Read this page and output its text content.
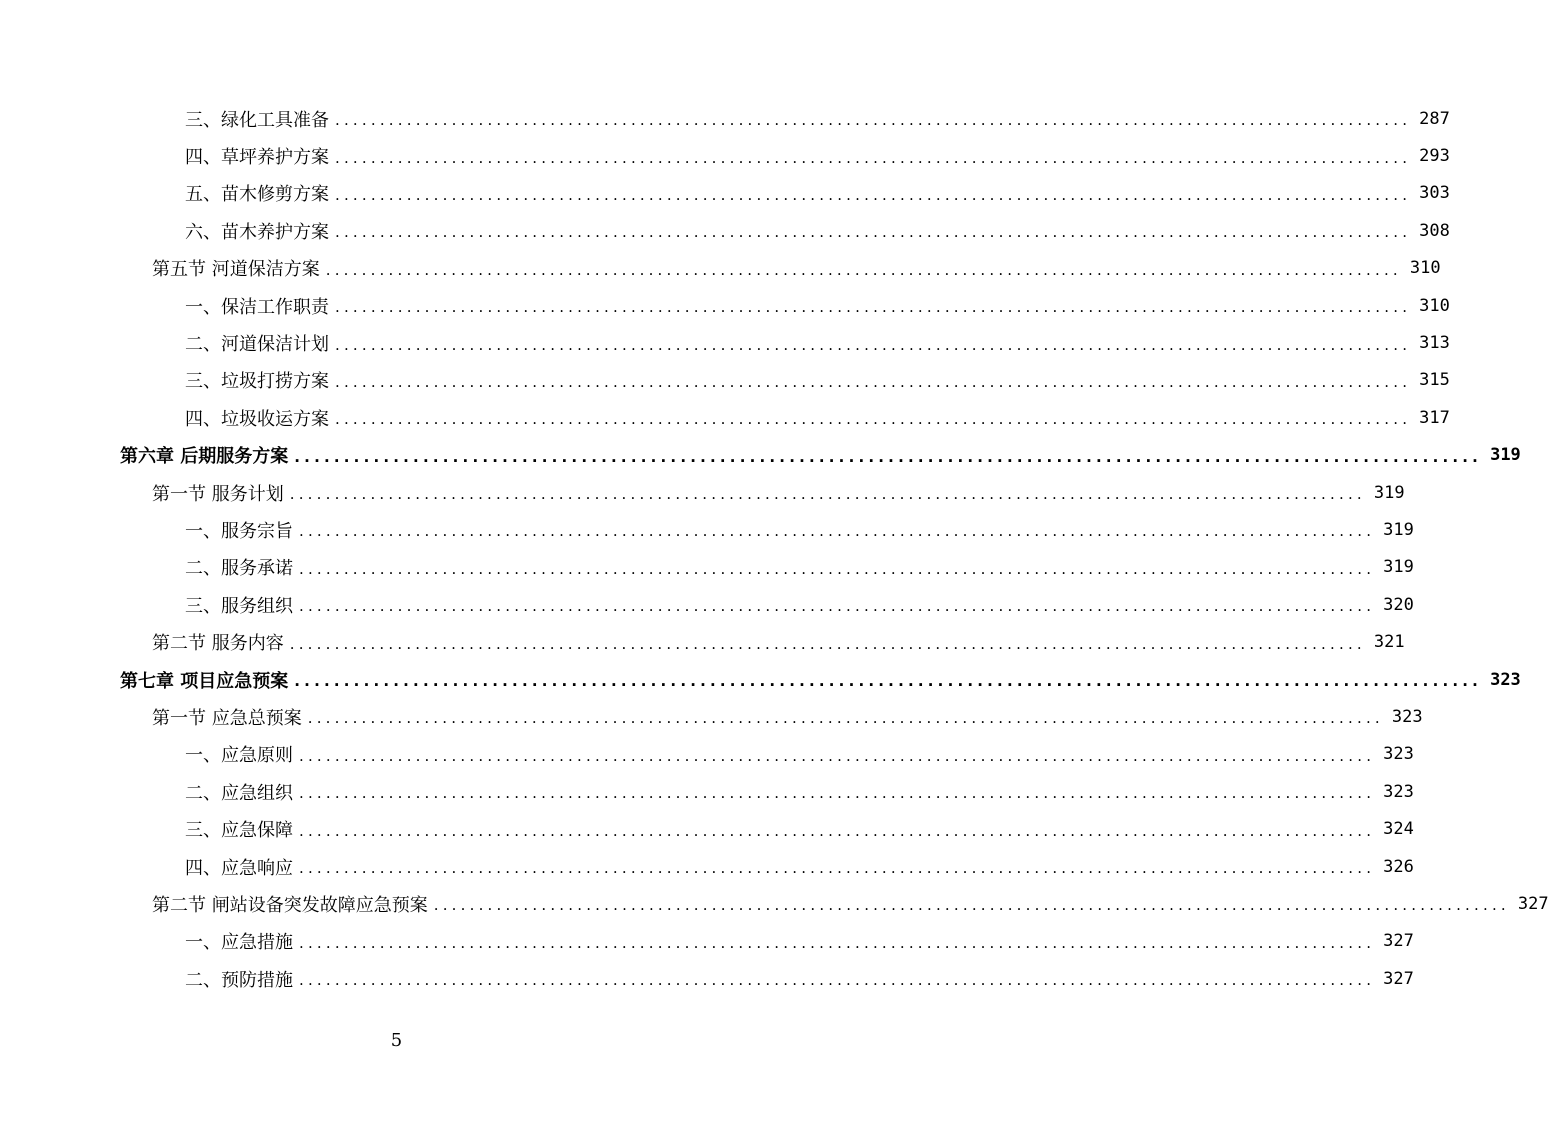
三、绿化工具准备 ........................................................................................................................ 287
四、草坪养护方案 ........................................................................................................................ 293
五、苗木修剪方案 ........................................................................................................................ 303
六、苗木养护方案 ........................................................................................................................ 308
第五节 河道保洁方案 ........................................................................................................................ 310
一、保洁工作职责 ........................................................................................................................ 310
二、河道保洁计划 ........................................................................................................................ 313
三、垃圾打捞方案 ........................................................................................................................ 315
四、垃圾收运方案 ........................................................................................................................ 317
第六章 后期服务方案 ........................................................................................................................ 319
第一节 服务计划 ........................................................................................................................ 319
一、服务宗旨 ........................................................................................................................ 319
二、服务承诺 ........................................................................................................................ 319
三、服务组织 ........................................................................................................................ 320
第二节 服务内容 ........................................................................................................................ 321
第七章 项目应急预案 ........................................................................................................................ 323
第一节 应急总预案 ........................................................................................................................ 323
一、应急原则 ........................................................................................................................ 323
二、应急组织 ........................................................................................................................ 323
三、应急保障 ........................................................................................................................ 324
四、应急响应 ........................................................................................................................ 326
第二节 闸站设备突发故障应急预案 ........................................................................................................................ 327
一、应急措施 ........................................................................................................................ 327
二、预防措施 ........................................................................................................................ 327
5
